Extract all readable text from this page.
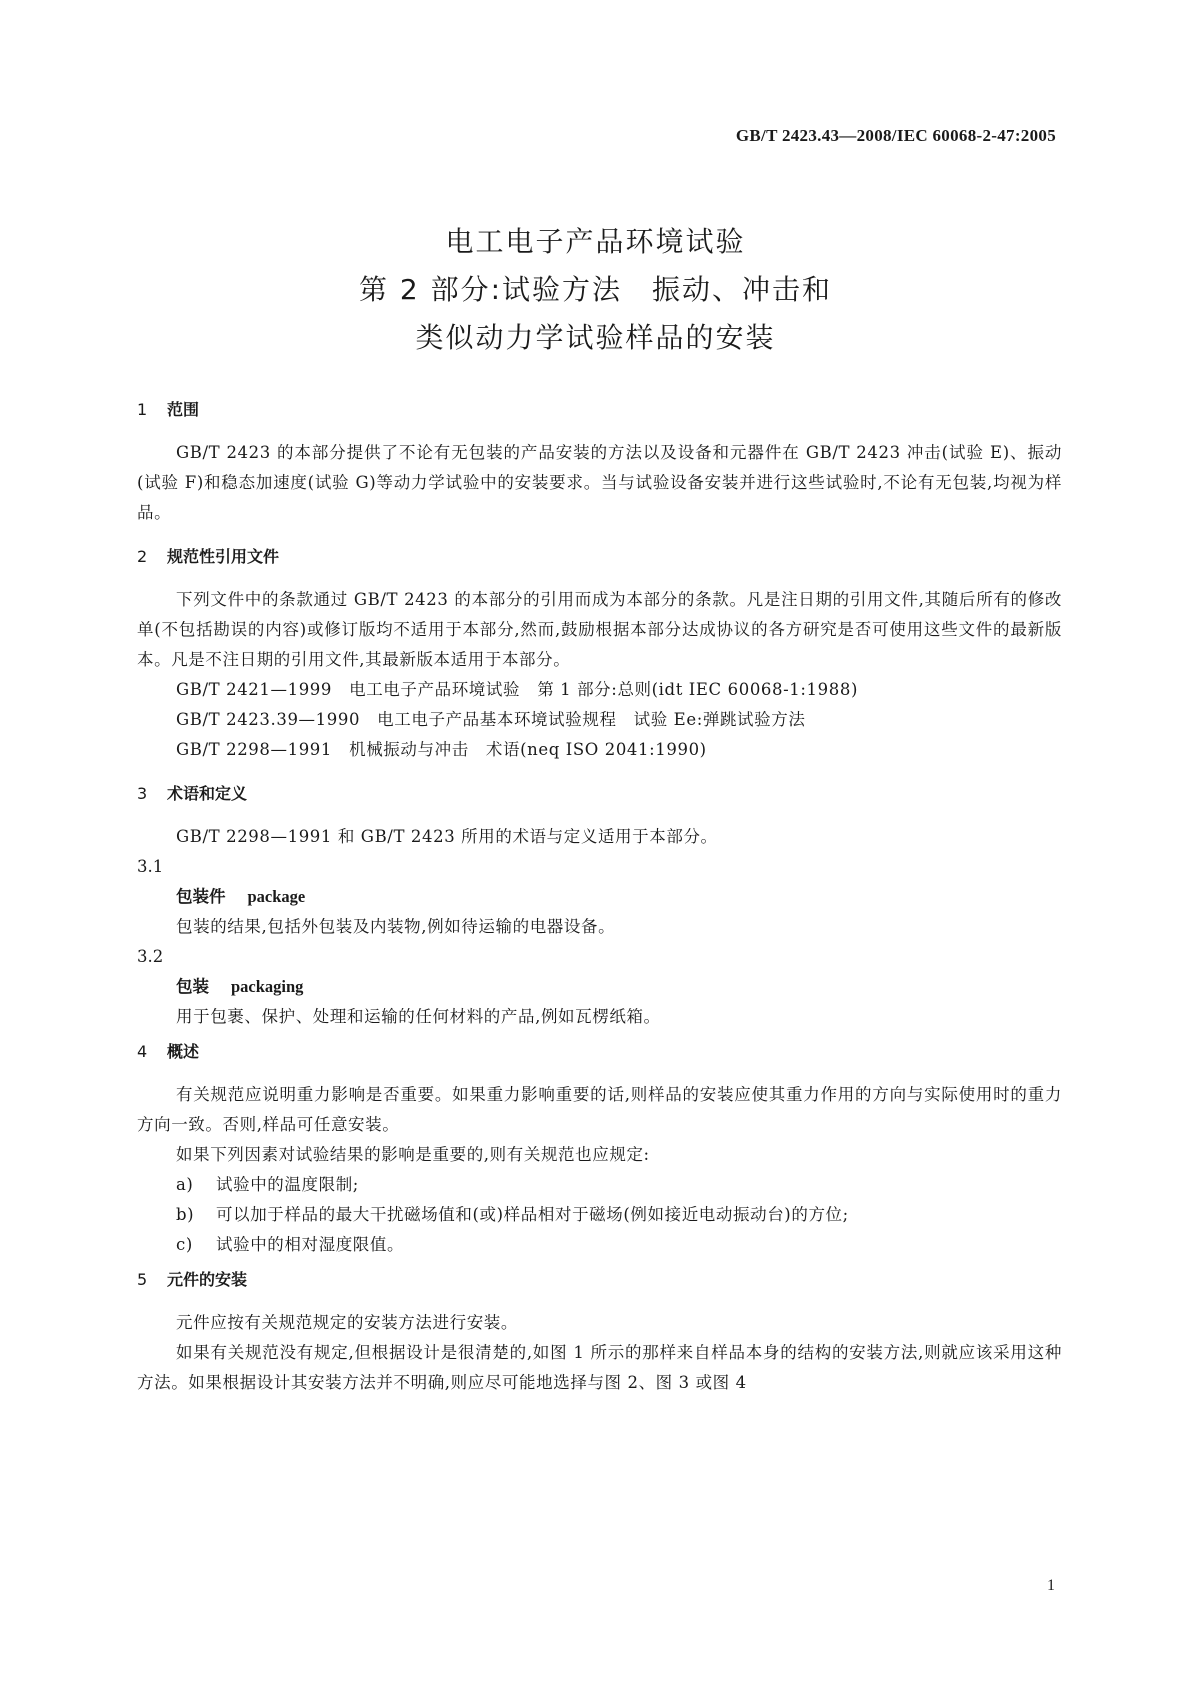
GB/T 2423.43—2008/IEC 60068-2-47:2005
电工电子产品环境试验
第 2 部分:试验方法　振动、冲击和
类似动力学试验样品的安装
1 范围
GB/T 2423 的本部分提供了不论有无包装的产品安装的方法以及设备和元器件在 GB/T 2423 冲击(试验 E)、振动(试验 F)和稳态加速度(试验 G)等动力学试验中的安装要求。当与试验设备安装并进行这些试验时,不论有无包装,均视为样品。
2 规范性引用文件
下列文件中的条款通过 GB/T 2423 的本部分的引用而成为本部分的条款。凡是注日期的引用文件,其随后所有的修改单(不包括勘误的内容)或修订版均不适用于本部分,然而,鼓励根据本部分达成协议的各方研究是否可使用这些文件的最新版本。凡是不注日期的引用文件,其最新版本适用于本部分。
GB/T 2421—1999　电工电子产品环境试验　第 1 部分:总则(idt IEC 60068-1:1988)
GB/T 2423.39—1990　电工电子产品基本环境试验规程　试验 Ee:弹跳试验方法
GB/T 2298—1991　机械振动与冲击　术语(neq ISO 2041:1990)
3 术语和定义
GB/T 2298—1991 和 GB/T 2423 所用的术语与定义适用于本部分。
3.1
包装件 package
包装的结果,包括外包装及内装物,例如待运输的电器设备。
3.2
包装 packaging
用于包裹、保护、处理和运输的任何材料的产品,例如瓦楞纸箱。
4 概述
有关规范应说明重力影响是否重要。如果重力影响重要的话,则样品的安装应使其重力作用的方向与实际使用时的重力方向一致。否则,样品可任意安装。
如果下列因素对试验结果的影响是重要的,则有关规范也应规定:
a) 试验中的温度限制;
b) 可以加于样品的最大干扰磁场值和(或)样品相对于磁场(例如接近电动振动台)的方位;
c) 试验中的相对湿度限值。
5 元件的安装
元件应按有关规范规定的安装方法进行安装。
如果有关规范没有规定,但根据设计是很清楚的,如图 1 所示的那样来自样品本身的结构的安装方法,则就应该采用这种方法。如果根据设计其安装方法并不明确,则应尽可能地选择与图 2、图 3 或图 4
1
